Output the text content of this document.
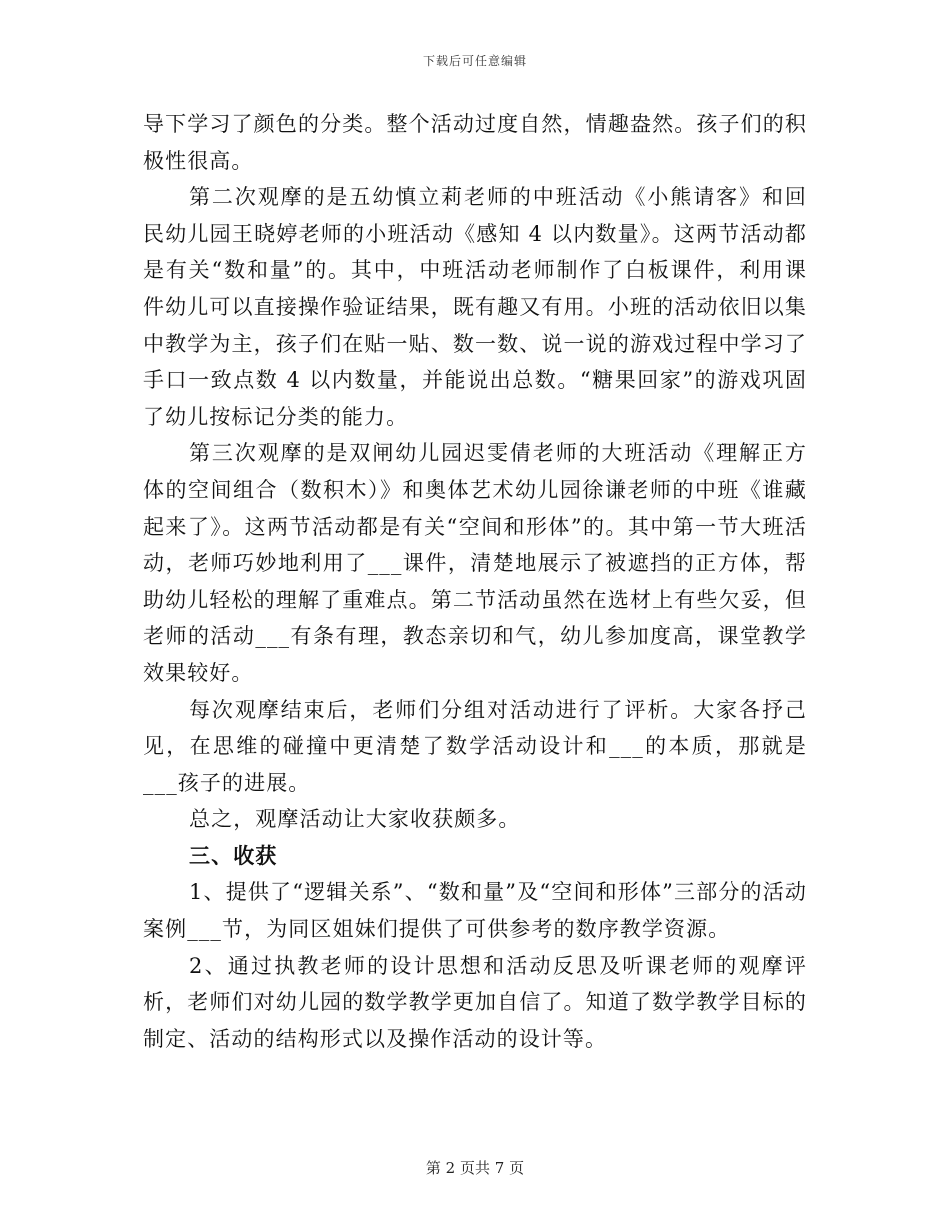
下载后可任意编辑

导下学习了颜色的分类。整个活动过度自然，情趣盎然。孩子们的积极性很高。

第二次观摩的是五幼慎立莉老师的中班活动《小熊请客》和回民幼儿园王晓婷老师的小班活动《感知 4 以内数量》。这两节活动都是有关“数和量”的。其中，中班活动老师制作了白板课件，利用课件幼儿可以直接操作验证结果，既有趣又有用。小班的活动依旧以集中教学为主，孩子们在贴一贴、数一数、说一说的游戏过程中学习了手口一致点数 4 以内数量，并能说出总数。“糖果回家”的游戏巩固了幼儿按标记分类的能力。

第三次观摩的是双闸幼儿园迟雯倩老师的大班活动《理解正方体的空间组合（数积木）》和奥体艺术幼儿园徐谦老师的中班《谁藏起来了》。这两节活动都是有关“空间和形体”的。其中第一节大班活动，老师巧妙地利用了___课件，清楚地展示了被遮挡的正方体，帮助幼儿轻松的理解了重难点。第二节活动虽然在选材上有些欠妥，但老师的活动___有条有理，教态亲切和气，幼儿参加度高，课堂教学效果较好。

每次观摩结束后，老师们分组对活动进行了评析。大家各抒己见，在思维的碰撞中更清楚了数学活动设计和___的本质，那就是___孩子的进展。

总之，观摩活动让大家收获颇多。

三、收获

1、提供了“逻辑关系”、“数和量”及“空间和形体”三部分的活动案例___节，为同区姐妹们提供了可供参考的数序教学资源。

2、通过执教老师的设计思想和活动反思及听课老师的观摩评析，老师们对幼儿园的数学教学更加自信了。知道了数学教学目标的制定、活动的结构形式以及操作活动的设计等。

第 2 页共 7 页
